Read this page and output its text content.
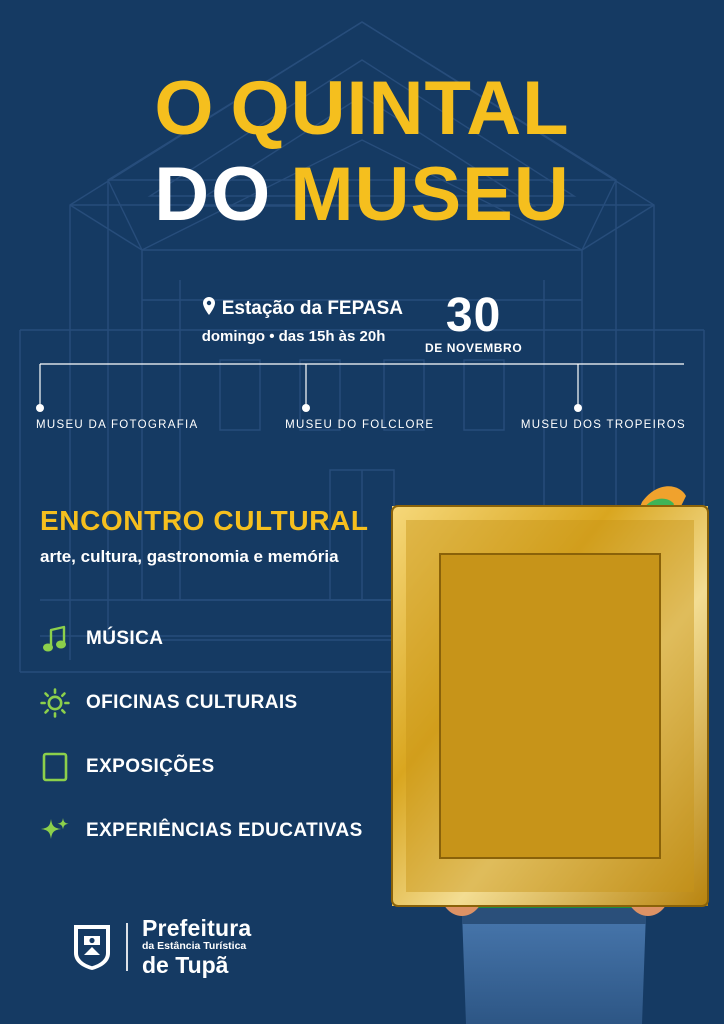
O QUINTAL
DO MUSEU
Estação da FEPASA
domingo • das 15h às 20h	30
DE NOVEMBRO
MUSEU DA FOTOGRAFIA	MUSEU DO FOLCLORE	MUSEU DOS TROPEIROS
ENCONTRO CULTURAL
arte, cultura, gastronomia e memória
MÚSICA
OFICINAS CULTURAIS
EXPOSIÇÕES
EXPERIÊNCIAS EDUCATIVAS
Prefeitura
da Estância Turística
de Tupã
